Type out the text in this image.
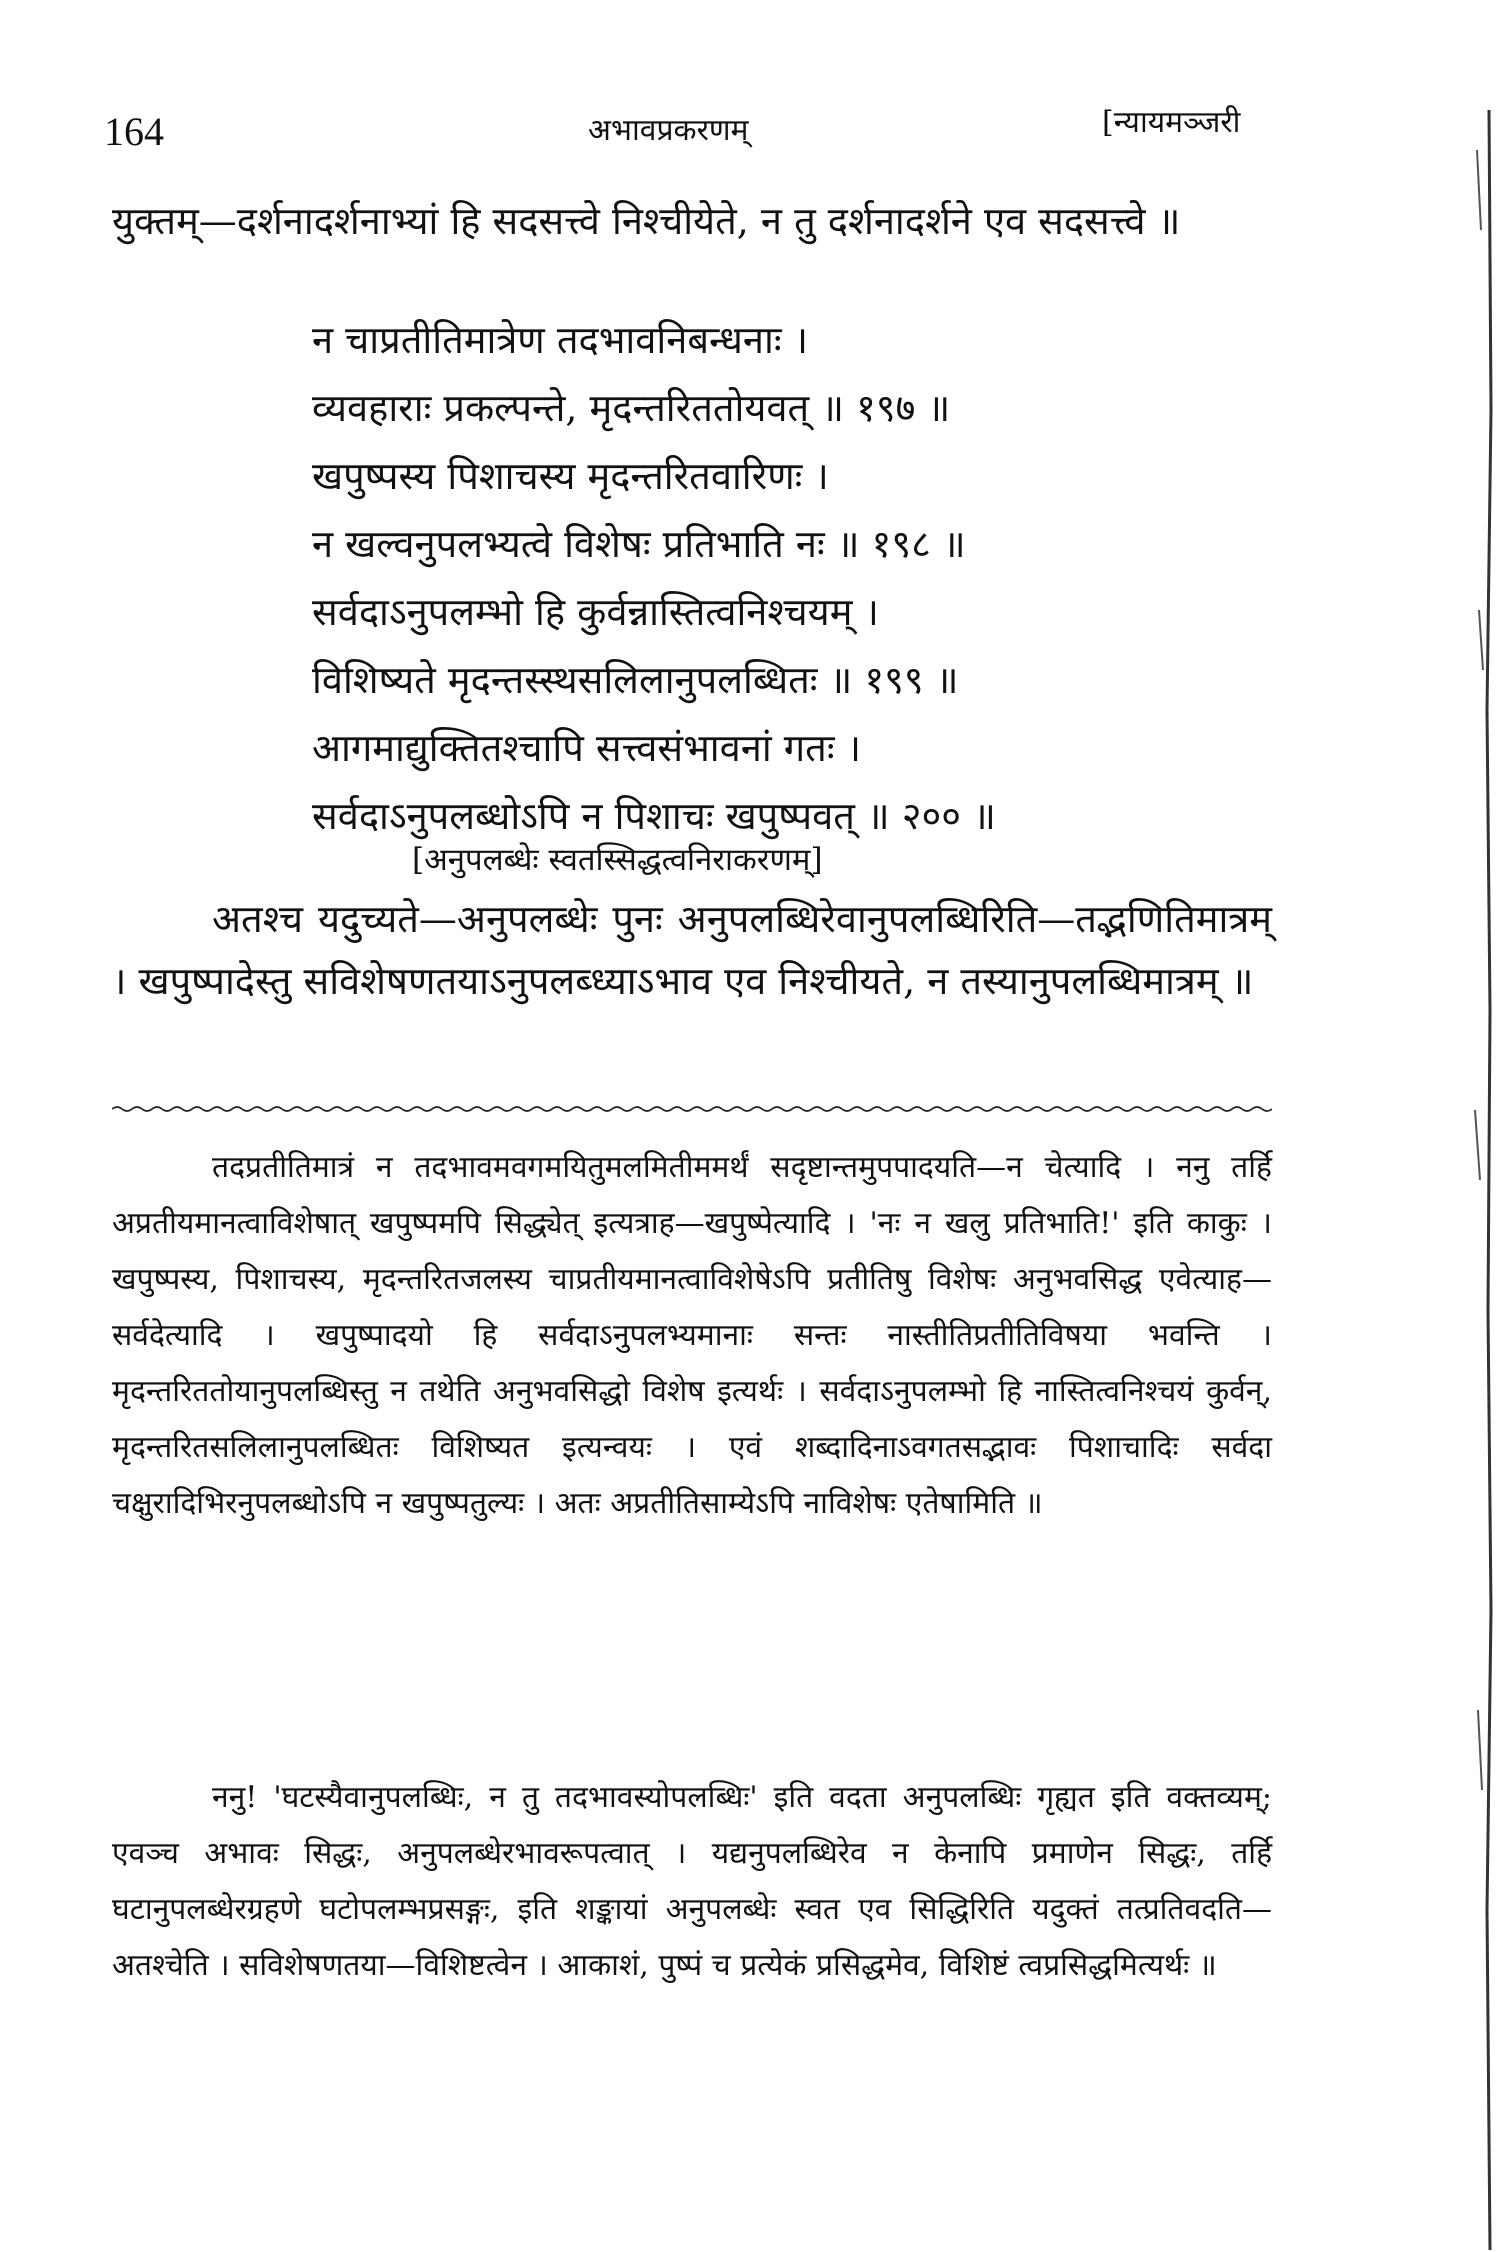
164	अभावप्रकरणम्	[न्यायमञ्जरी

युक्तम्—दर्शनादर्शनाभ्यां हि सदसत्त्वे निश्चीयेते, न तु दर्शनादर्शने एव सदसत्त्वे ॥

न चाप्रतीतिमात्रेण तदभावनिबन्धनाः ।
व्यवहाराः प्रकल्पन्ते, मृदन्तरिततोयवत् ॥ १९७ ॥
खपुष्पस्य पिशाचस्य मृदन्तरितवारिणः ।
न खल्वनुपलभ्यत्वे विशेषः प्रतिभाति नः ॥ १९८ ॥
सर्वदाऽनुपलम्भो हि कुर्वन्नास्तित्वनिश्चयम् ।
विशिष्यते मृदन्तस्स्थसलिलानुपलब्धितः ॥ १९९ ॥
आगमाद्युक्तितश्चापि सत्त्वसंभावनां गतः ।
सर्वदाऽनुपलब्धोऽपि न पिशाचः खपुष्पवत् ॥ २०० ॥
[अनुपलब्धेः स्वतस्सिद्धत्वनिराकरणम्]

अतश्च यदुच्यते—अनुपलब्धेः पुनः अनुपलब्धिरेवानुपलब्धिरिति—तद्भणितिमात्रम् । खपुष्पादेस्तु सविशेषणतयाऽनुपलब्ध्याऽभाव एव निश्चीयते, न तस्यानुपलब्धिमात्रम् ॥

तदप्रतीतिमात्रं न तदभावमवगमयितुमलमितीममर्थं सदृष्टान्तमुपपादयति—न चेत्यादि । ननु तर्हि अप्रतीयमानत्वाविशेषात् खपुष्पमपि सिद्ध्येत् इत्यत्राह—खपुष्पेत्यादि । 'नः न खलु प्रतिभाति!' इति काकुः । खपुष्पस्य, पिशाचस्य, मृदन्तरितजलस्य चाप्रतीयमानत्वाविशेषेऽपि प्रतीतिषु विशेषः अनुभवसिद्ध एवेत्याह—सर्वदेत्यादि । खपुष्पादयो हि सर्वदाऽनुपलभ्यमानाः सन्तः नास्तीतिप्रतीतिविषया भवन्ति । मृदन्तरिततोयानुपलब्धिस्तु न तथेति अनुभवसिद्धो विशेष इत्यर्थः । सर्वदाऽनुपलम्भो हि नास्तित्वनिश्चयं कुर्वन्, मृदन्तरितसलिलानुपलब्धितः विशिष्यत इत्यन्वयः । एवं शब्दादिनाऽवगतसद्भावः पिशाचादिः सर्वदा चक्षुरादिभिरनुपलब्धोऽपि न खपुष्पतुल्यः । अतः अप्रतीतिसाम्येऽपि नाविशेषः एतेषामिति ॥

ननु! 'घटस्यैवानुपलब्धिः, न तु तदभावस्योपलब्धिः' इति वदता अनुपलब्धिः गृह्यत इति वक्तव्यम्; एवञ्च अभावः सिद्धः, अनुपलब्धेरभावरूपत्वात् । यद्यनुपलब्धिरेव न केनापि प्रमाणेन सिद्धः, तर्हि घटानुपलब्धेरग्रहणे घटोपलम्भप्रसङ्गः, इति शङ्कायां अनुपलब्धेः स्वत एव सिद्धिरिति यदुक्तं तत्प्रतिवदति—अतश्चेति । सविशेषणतया—विशिष्टत्वेन । आकाशं, पुष्पं च प्रत्येकं प्रसिद्धमेव, विशिष्टं त्वप्रसिद्धमित्यर्थः ॥
